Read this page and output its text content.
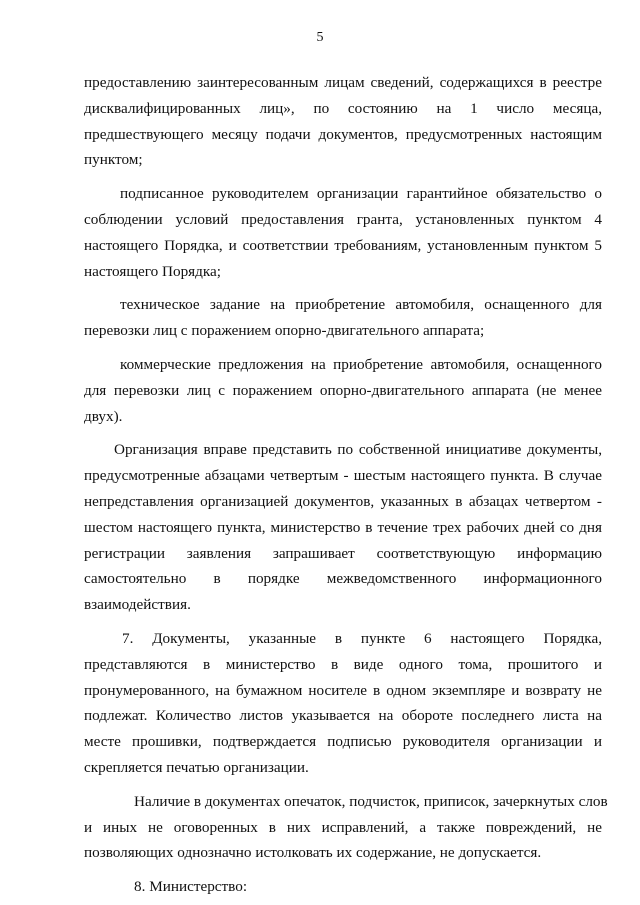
5
предоставлению заинтересованным лицам сведений, содержащихся в реестре
дисквалифицированных лиц», по состоянию на 1 число месяца,
предшествующего месяцу подачи документов, предусмотренных настоящим
пунктом;
подписанное руководителем организации гарантийное обязательство о
соблюдении условий предоставления гранта, установленных пунктом 4
настоящего Порядка, и соответствии требованиям, установленным пунктом 5
настоящего Порядка;
техническое задание на приобретение автомобиля, оснащенного для
перевозки лиц с поражением опорно-двигательного аппарата;
коммерческие предложения на приобретение автомобиля, оснащенного
для перевозки лиц с поражением опорно-двигательного аппарата (не менее
двух).
Организация вправе представить по собственной инициативе документы,
предусмотренные абзацами четвертым - шестым настоящего пункта. В случае
непредставления организацией документов, указанных в абзацах четвертом -
шестом настоящего пункта, министерство в течение трех рабочих дней со дня
регистрации заявления запрашивает соответствующую информацию
самостоятельно в порядке межведомственного информационного
взаимодействия.
7. Документы, указанные в пункте 6 настоящего Порядка,
представляются в министерство в виде одного тома, прошитого и
пронумерованного, на бумажном носителе в одном экземпляре и возврату не
подлежат. Количество листов указывается на обороте последнего листа на
месте прошивки, подтверждается подписью руководителя организации и
скрепляется печатью организации.
Наличие в документах опечаток, подчисток, приписок, зачеркнутых слов
и иных не оговоренных в них исправлений, а также повреждений, не
позволяющих однозначно истолковать их содержание, не допускается.
8. Министерство:
